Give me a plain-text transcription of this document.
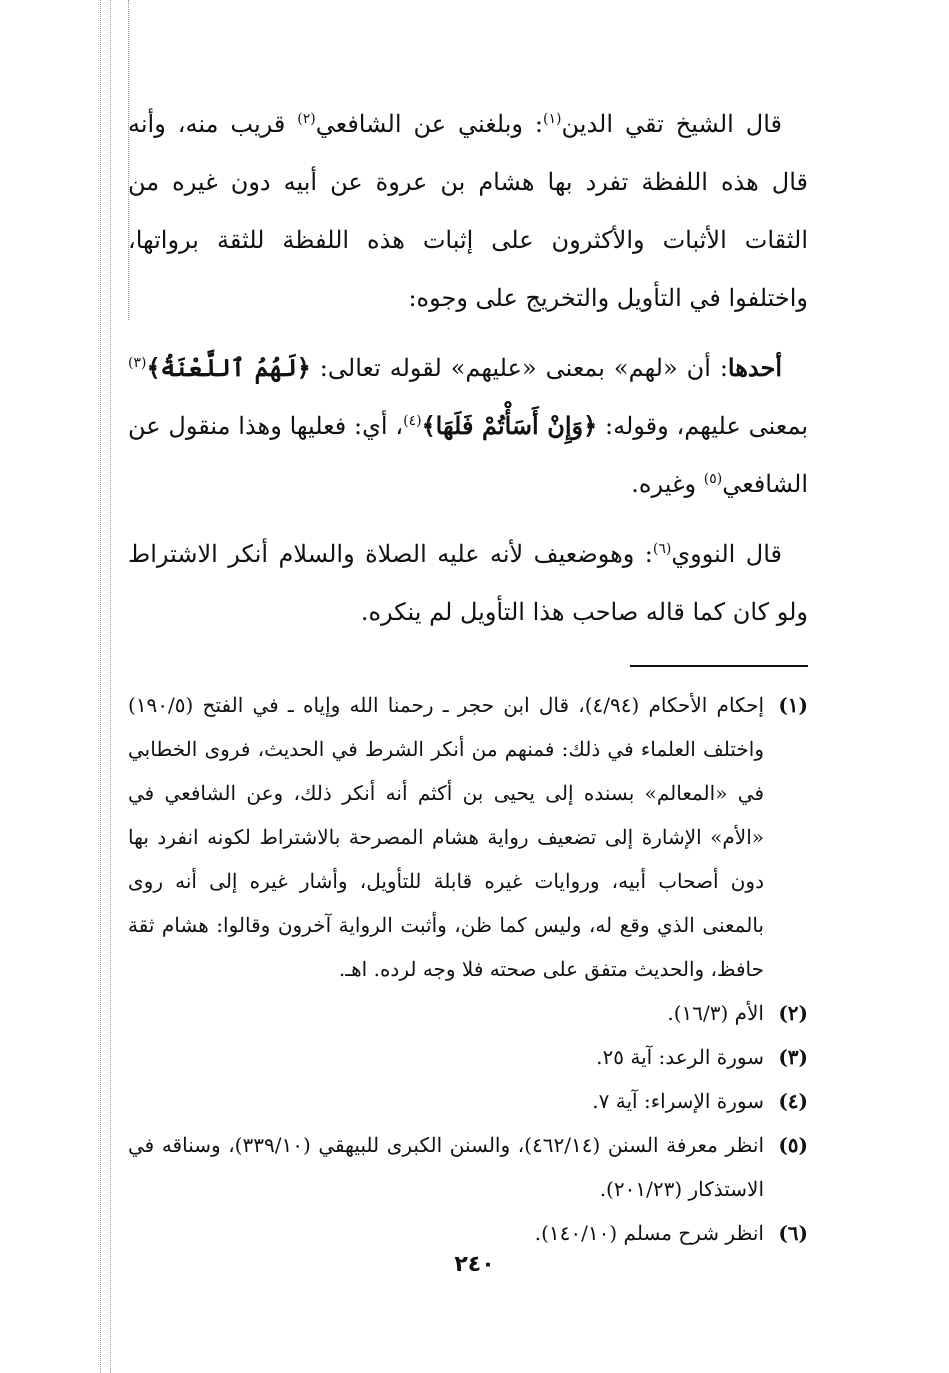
قال الشيخ تقي الدين$^{(١)}$: وبلغني عن الشافعي$^{(٢)}$ قريب منه، وأنه قال هذه اللفظة تفرد بها هشام بن عروة عن أبيه دون غيره من الثقات الأثبات والأكثرون على إثبات هذه اللفظة للثقة برواتها، واختلفوا في التأويل والتخريج على وجوه:

أحدها: أن «لهم» بمعنى «عليهم» لقوله تعالى: ﴿لَهُمُ ٱللَّعْنَةُ﴾$^{(٣)}$ بمعنى عليهم، وقوله: ﴿وَإِنْ أَسَأْتُمْ فَلَهَا﴾$^{(٤)}$، أي: فعليها وهذا منقول عن الشافعي$^{(٥)}$ وغيره.

قال النووي$^{(٦)}$: وهوضعيف لأنه عليه الصلاة والسلام أنكر الاشتراط ولو كان كما قاله صاحب هذا التأويل لم ينكره.

(١)
إحكام الأحكام (٤/٩٤)، قال ابن حجر ـ رحمنا الله وإياه ـ في الفتح (١٩٠/٥) واختلف العلماء في ذلك: فمنهم من أنكر الشرط في الحديث، فروى الخطابي في «المعالم» بسنده إلى يحيى بن أكثم أنه أنكر ذلك، وعن الشافعي في «الأم» الإشارة إلى تضعيف رواية هشام المصرحة بالاشتراط لكونه انفرد بها دون أصحاب أبيه، وروايات غيره قابلة للتأويل، وأشار غيره إلى أنه روى بالمعنى الذي وقع له، وليس كما ظن، وأثبت الرواية آخرون وقالوا: هشام ثقة حافظ، والحديث متفق على صحته فلا وجه لرده. اهـ.
(٢)
الأم (١٦/٣).
(٣)
سورة الرعد: آية ٢٥.
(٤)
سورة الإسراء: آية ٧.
(٥)
انظر معرفة السنن (٤٦٢/١٤)، والسنن الكبرى للبيهقي (٣٣٩/١٠)، وسناقه في الاستذكار (٢٠١/٢٣).
(٦)
انظر شرح مسلم (١٤٠/١٠).
٢٤٠
